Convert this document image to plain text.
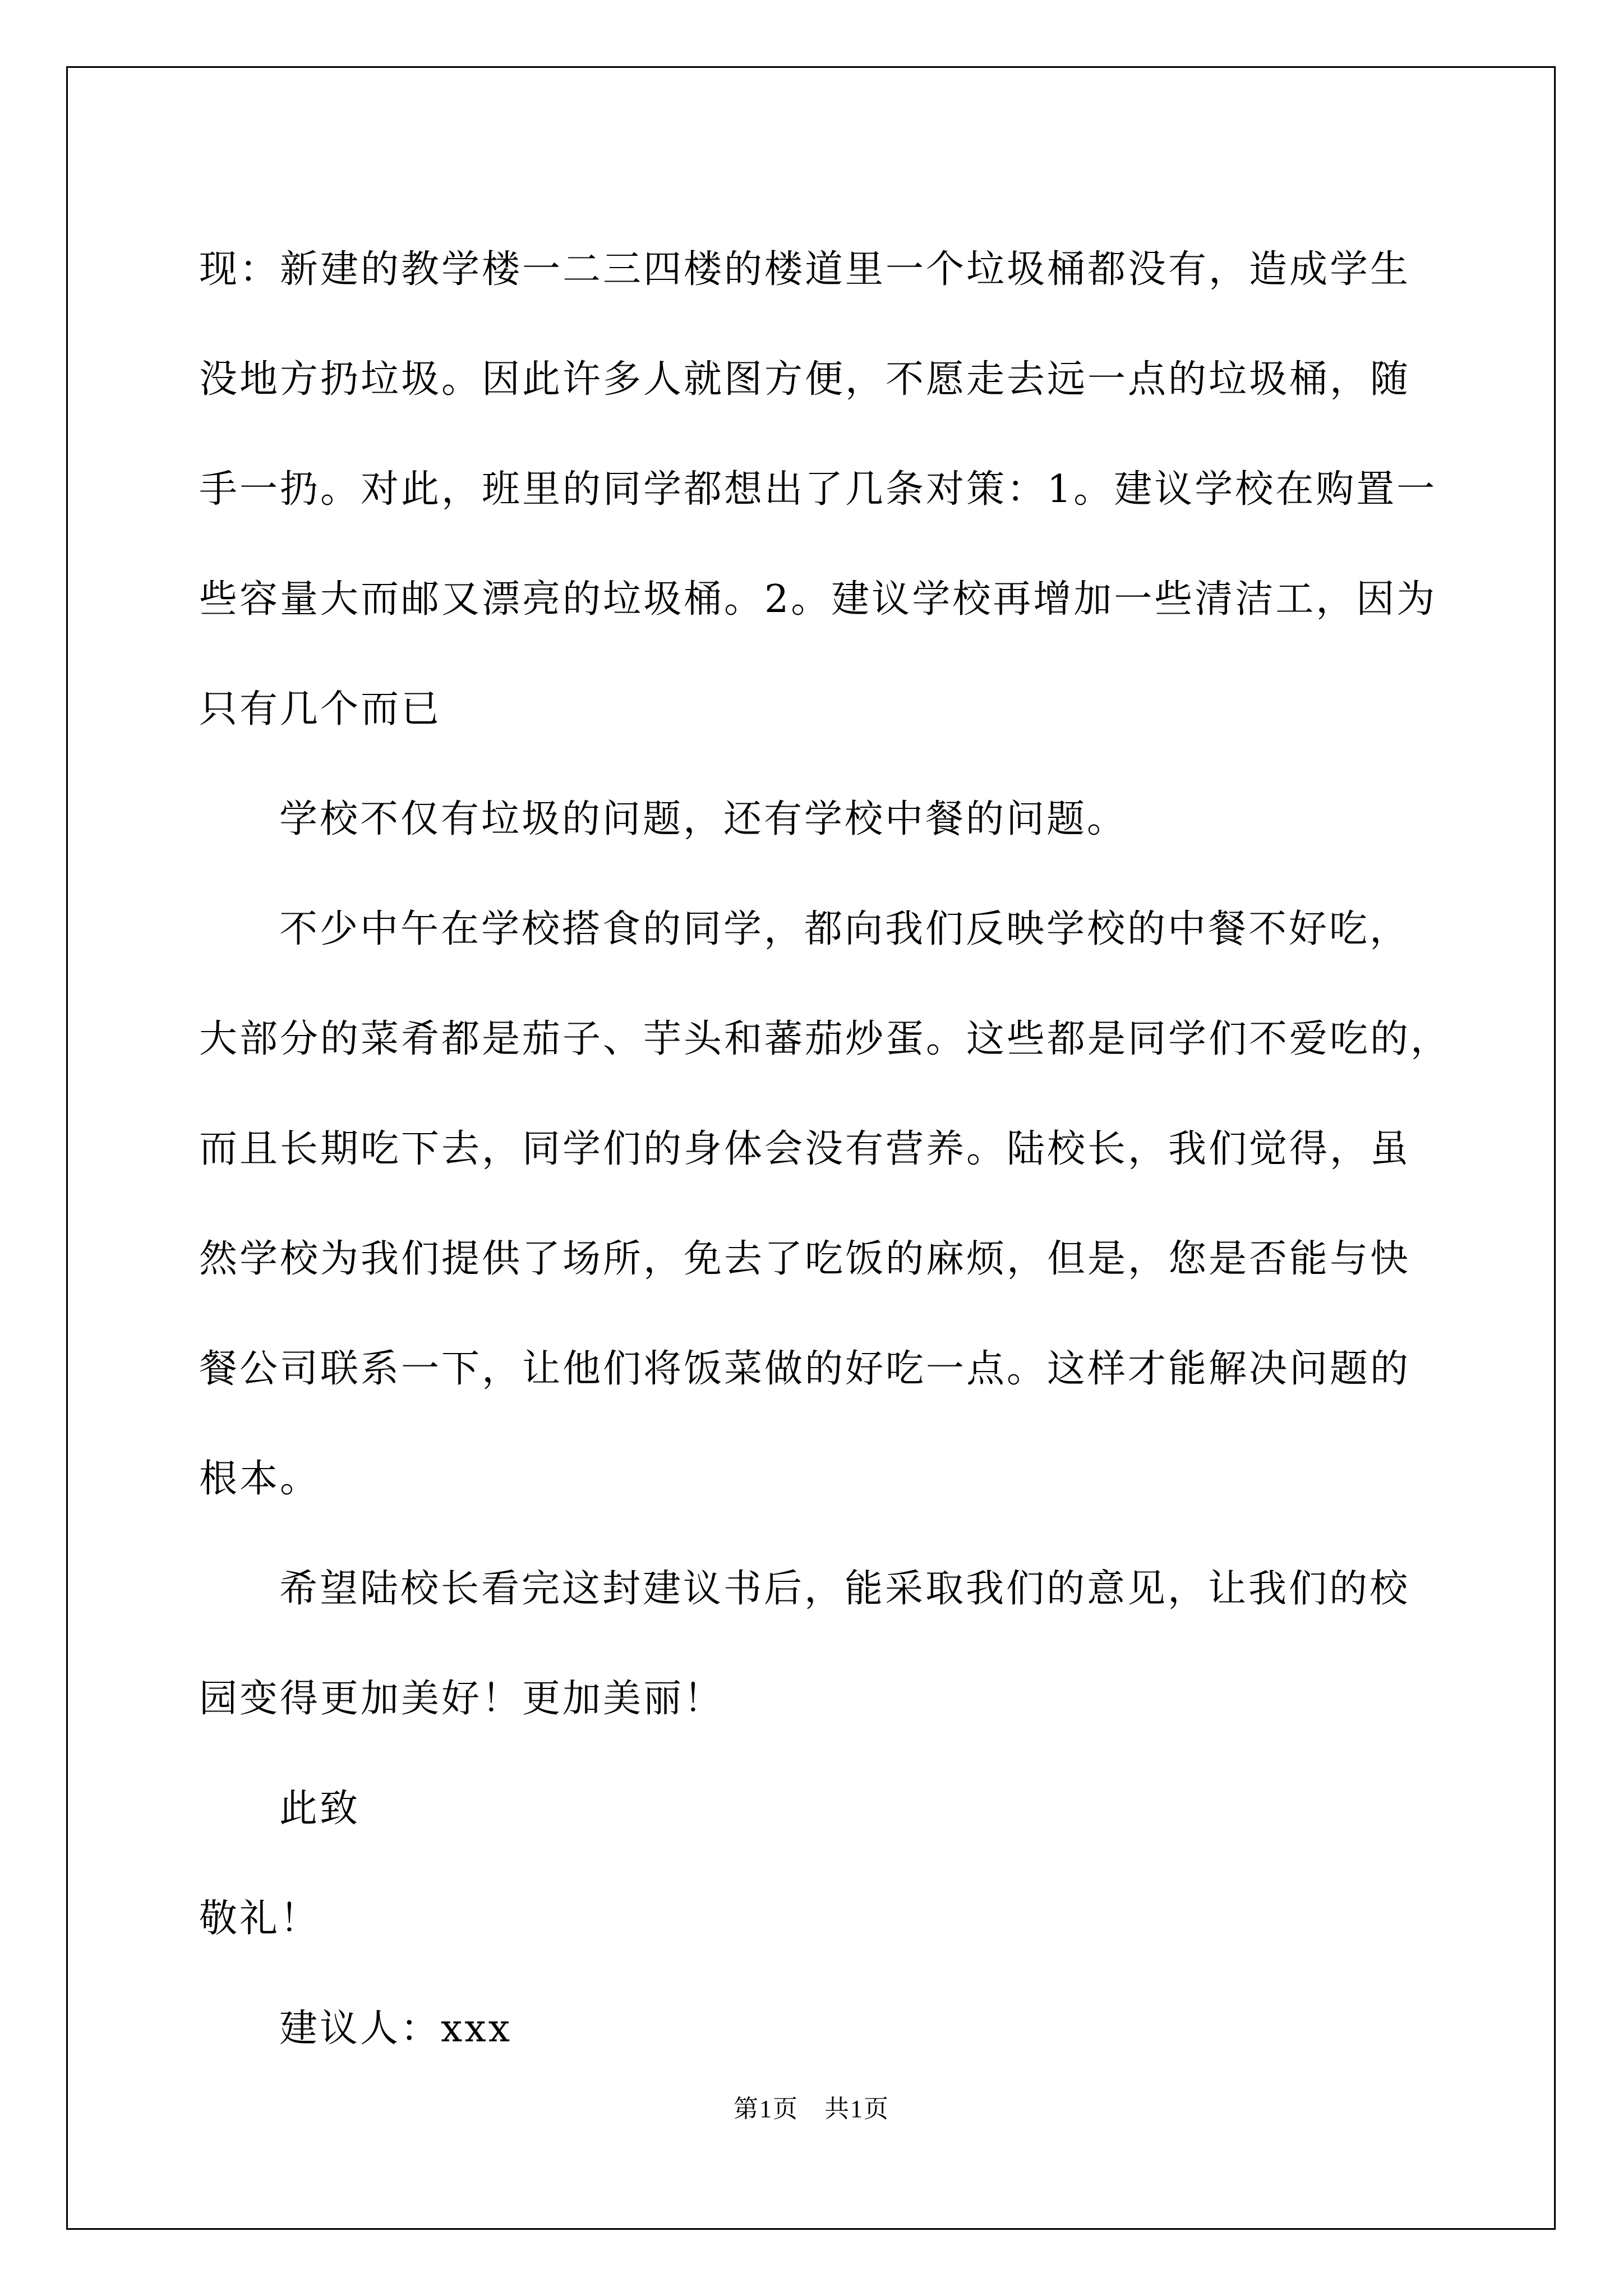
现：新建的教学楼一二三四楼的楼道里一个垃圾桶都没有，造成学生
没地方扔垃圾。因此许多人就图方便，不愿走去远一点的垃圾桶，随
手一扔。对此，班里的同学都想出了几条对策：1。建议学校在购置一
些容量大而邮又漂亮的垃圾桶。2。建议学校再增加一些清洁工，因为
只有几个而已
学校不仅有垃圾的问题，还有学校中餐的问题。
不少中午在学校搭食的同学，都向我们反映学校的中餐不好吃，
大部分的菜肴都是茄子、芋头和蕃茄炒蛋。这些都是同学们不爱吃的，
而且长期吃下去，同学们的身体会没有营养。陆校长，我们觉得，虽
然学校为我们提供了场所，免去了吃饭的麻烦，但是，您是否能与快
餐公司联系一下，让他们将饭菜做的好吃一点。这样才能解决问题的
根本。
希望陆校长看完这封建议书后，能采取我们的意见，让我们的校
园变得更加美好！更加美丽！
此致
敬礼！
建议人：xxx
第1页 共1页
